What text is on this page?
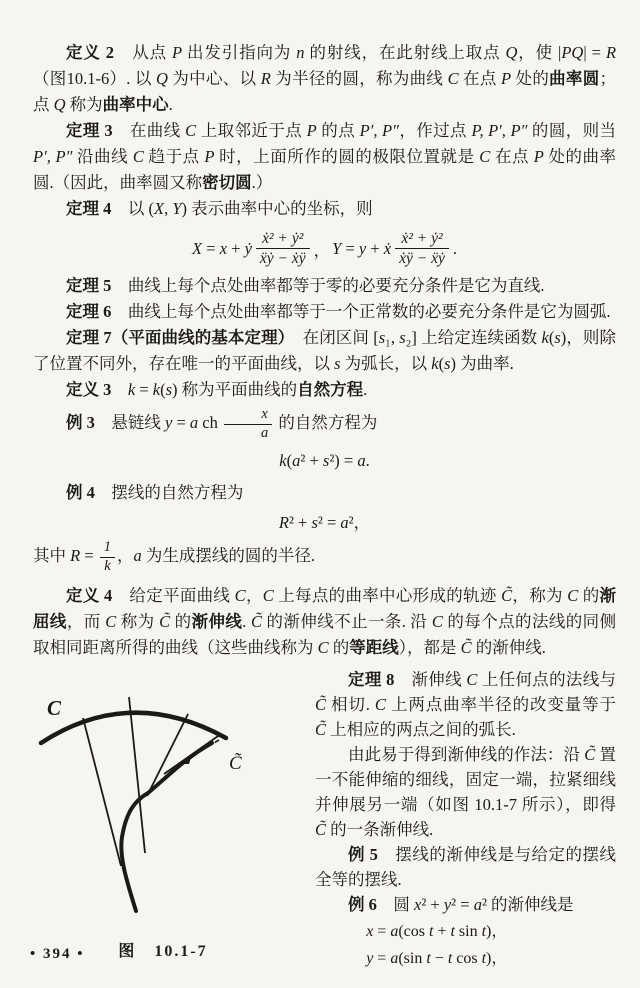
定义 2　从点 P 出发引指向为 n 的射线，在此射线上取点 Q，使 |PQ| = R（图10.1-6）. 以 Q 为中心、以 R 为半径的圆，称为曲线 C 在点 P 处的曲率圆；点 Q 称为曲率中心.

定理 3　在曲线 C 上取邻近于点 P 的点 P′, P″，作过点 P, P′, P″ 的圆，则当 P′, P″ 沿曲线 C 趋于点 P 时，上面所作的圆的极限位置就是 C 在点 P 处的曲率圆.（因此，曲率圆又称密切圆.）

定理 4　以 (X, Y) 表示曲率中心的坐标，则

X = x + ẏ $\frac{\text{ẋ² + ẏ²}}{\text{ẍẏ − ẋÿ}}$ ， Y = y + ẋ $\frac{\text{ẋ² + ẏ²}}{\text{ẋÿ − ẍẏ}}$ .

定理 5　曲线上每个点处曲率都等于零的必要充分条件是它为直线.

定理 6　曲线上每个点处曲率都等于一个正常数的必要充分条件是它为圆弧.

定理 7（平面曲线的基本定理）　在闭区间 [s₁, s₂] 上给定连续函数 k(s)，则除了位置不同外，存在唯一的平面曲线，以 s 为弧长，以 k(s) 为曲率.

定义 3　 k = k(s) 称为平面曲线的自然方程.

例 3　悬链线 y = a ch $\frac{x}{a}$ 的自然方程为

k(a² + s²) = a.

例 4　摆线的自然方程为

R² + s² = a²，

其中 $R = \frac{1}{k}$ ，a 为生成摆线的圆的半径.

定义 4　给定平面曲线 C，C 上每点的曲率中心形成的轨迹 C̃，称为 C 的渐屈线，而 C 称为 C̃ 的渐伸线. C̃ 的渐伸线不止一条. 沿 C 的每个点的法线的同侧取相同距离所得的曲线（这些曲线称为 C 的等距线），都是 C̃ 的渐伸线.

C
C̃
图　10.1-7

定理 8　渐伸线 C 上任何点的法线与 C̃ 相切. C 上两点曲率半径的改变量等于 C̃ 上相应的两点之间的弧长.

由此易于得到渐伸线的作法：沿 C̃ 置一不能伸缩的细线，固定一端，拉紧细线并伸展另一端（如图 10.1-7 所示），即得 C̃ 的一条渐伸线.

例 5　摆线的渐伸线是与给定的摆线全等的摆线.

例 6　圆 x² + y² = a² 的渐伸线是

x = a(cos t + t sin t)，
y = a(sin t − t cos t)，
• 394 •
